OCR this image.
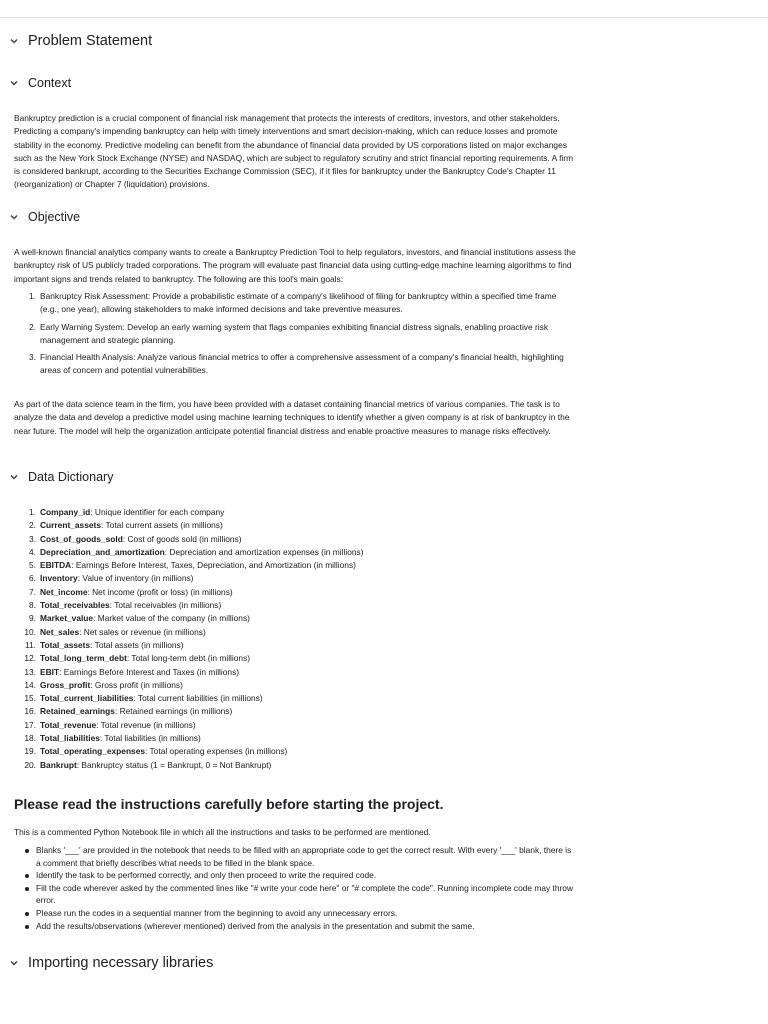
Problem Statement
Context

Bankruptcy prediction is a crucial component of financial risk management that protects the interests of creditors, investors, and other stakeholders. Predicting a company's impending bankruptcy can help with timely interventions and smart decision-making, which can reduce losses and promote stability in the economy. Predictive modeling can benefit from the abundance of financial data provided by US corporations listed on major exchanges such as the New York Stock Exchange (NYSE) and NASDAQ, which are subject to regulatory scrutiny and strict financial reporting requirements. A firm is considered bankrupt, according to the Securities Exchange Commission (SEC), if it files for bankruptcy under the Bankruptcy Code's Chapter 11 (reorganization) or Chapter 7 (liquidation) provisions.

Objective

A well-known financial analytics company wants to create a Bankruptcy Prediction Tool to help regulators, investors, and financial institutions assess the bankruptcy risk of US publicly traded corporations. The program will evaluate past financial data using cutting-edge machine learning algorithms to find important signs and trends related to bankruptcy. The following are this tool's main goals:

1. Bankruptcy Risk Assessment: Provide a probabilistic estimate of a company's likelihood of filing for bankruptcy within a specified time frame (e.g., one year), allowing stakeholders to make informed decisions and take preventive measures.
2. Early Warning System: Develop an early warning system that flags companies exhibiting financial distress signals, enabling proactive risk management and strategic planning.
3. Financial Health Analysis: Analyze various financial metrics to offer a comprehensive assessment of a company's financial health, highlighting areas of concern and potential vulnerabilities.

As part of the data science team in the firm, you have been provided with a dataset containing financial metrics of various companies. The task is to analyze the data and develop a predictive model using machine learning techniques to identify whether a given company is at risk of bankruptcy in the near future. The model will help the organization anticipate potential financial distress and enable proactive measures to manage risks effectively.

Data Dictionary
1. Company_id: Unique identifier for each company
2. Current_assets: Total current assets (in millions)
3. Cost_of_goods_sold: Cost of goods sold (in millions)
4. Depreciation_and_amortization: Depreciation and amortization expenses (in millions)
5. EBITDA: Earnings Before Interest, Taxes, Depreciation, and Amortization (in millions)
6. Inventory: Value of inventory (in millions)
7. Net_income: Net income (profit or loss) (in millions)
8. Total_receivables: Total receivables (in millions)
9. Market_value: Market value of the company (in millions)
10. Net_sales: Net sales or revenue (in millions)
11. Total_assets: Total assets (in millions)
12. Total_long_term_debt: Total long-term debt (in millions)
13. EBIT: Earnings Before Interest and Taxes (in millions)
14. Gross_profit: Gross profit (in millions)
15. Total_current_liabilities: Total current liabilities (in millions)
16. Retained_earnings: Retained earnings (in millions)
17. Total_revenue: Total revenue (in millions)
18. Total_liabilities: Total liabilities (in millions)
19. Total_operating_expenses: Total operating expenses (in millions)
20. Bankrupt: Bankruptcy status (1 = Bankrupt, 0 = Not Bankrupt)
Please read the instructions carefully before starting the project.

This is a commented Python Notebook file in which all the instructions and tasks to be performed are mentioned.

Blanks '___' are provided in the notebook that needs to be filled with an appropriate code to get the correct result. With every '___' blank, there is a comment that briefly describes what needs to be filled in the blank space.
Identify the task to be performed correctly, and only then proceed to write the required code.
Fill the code wherever asked by the commented lines like "# write your code here" or "# complete the code". Running incomplete code may throw error.
Please run the codes in a sequential manner from the beginning to avoid any unnecessary errors.
Add the results/observations (wherever mentioned) derived from the analysis in the presentation and submit the same.
Importing necessary libraries
